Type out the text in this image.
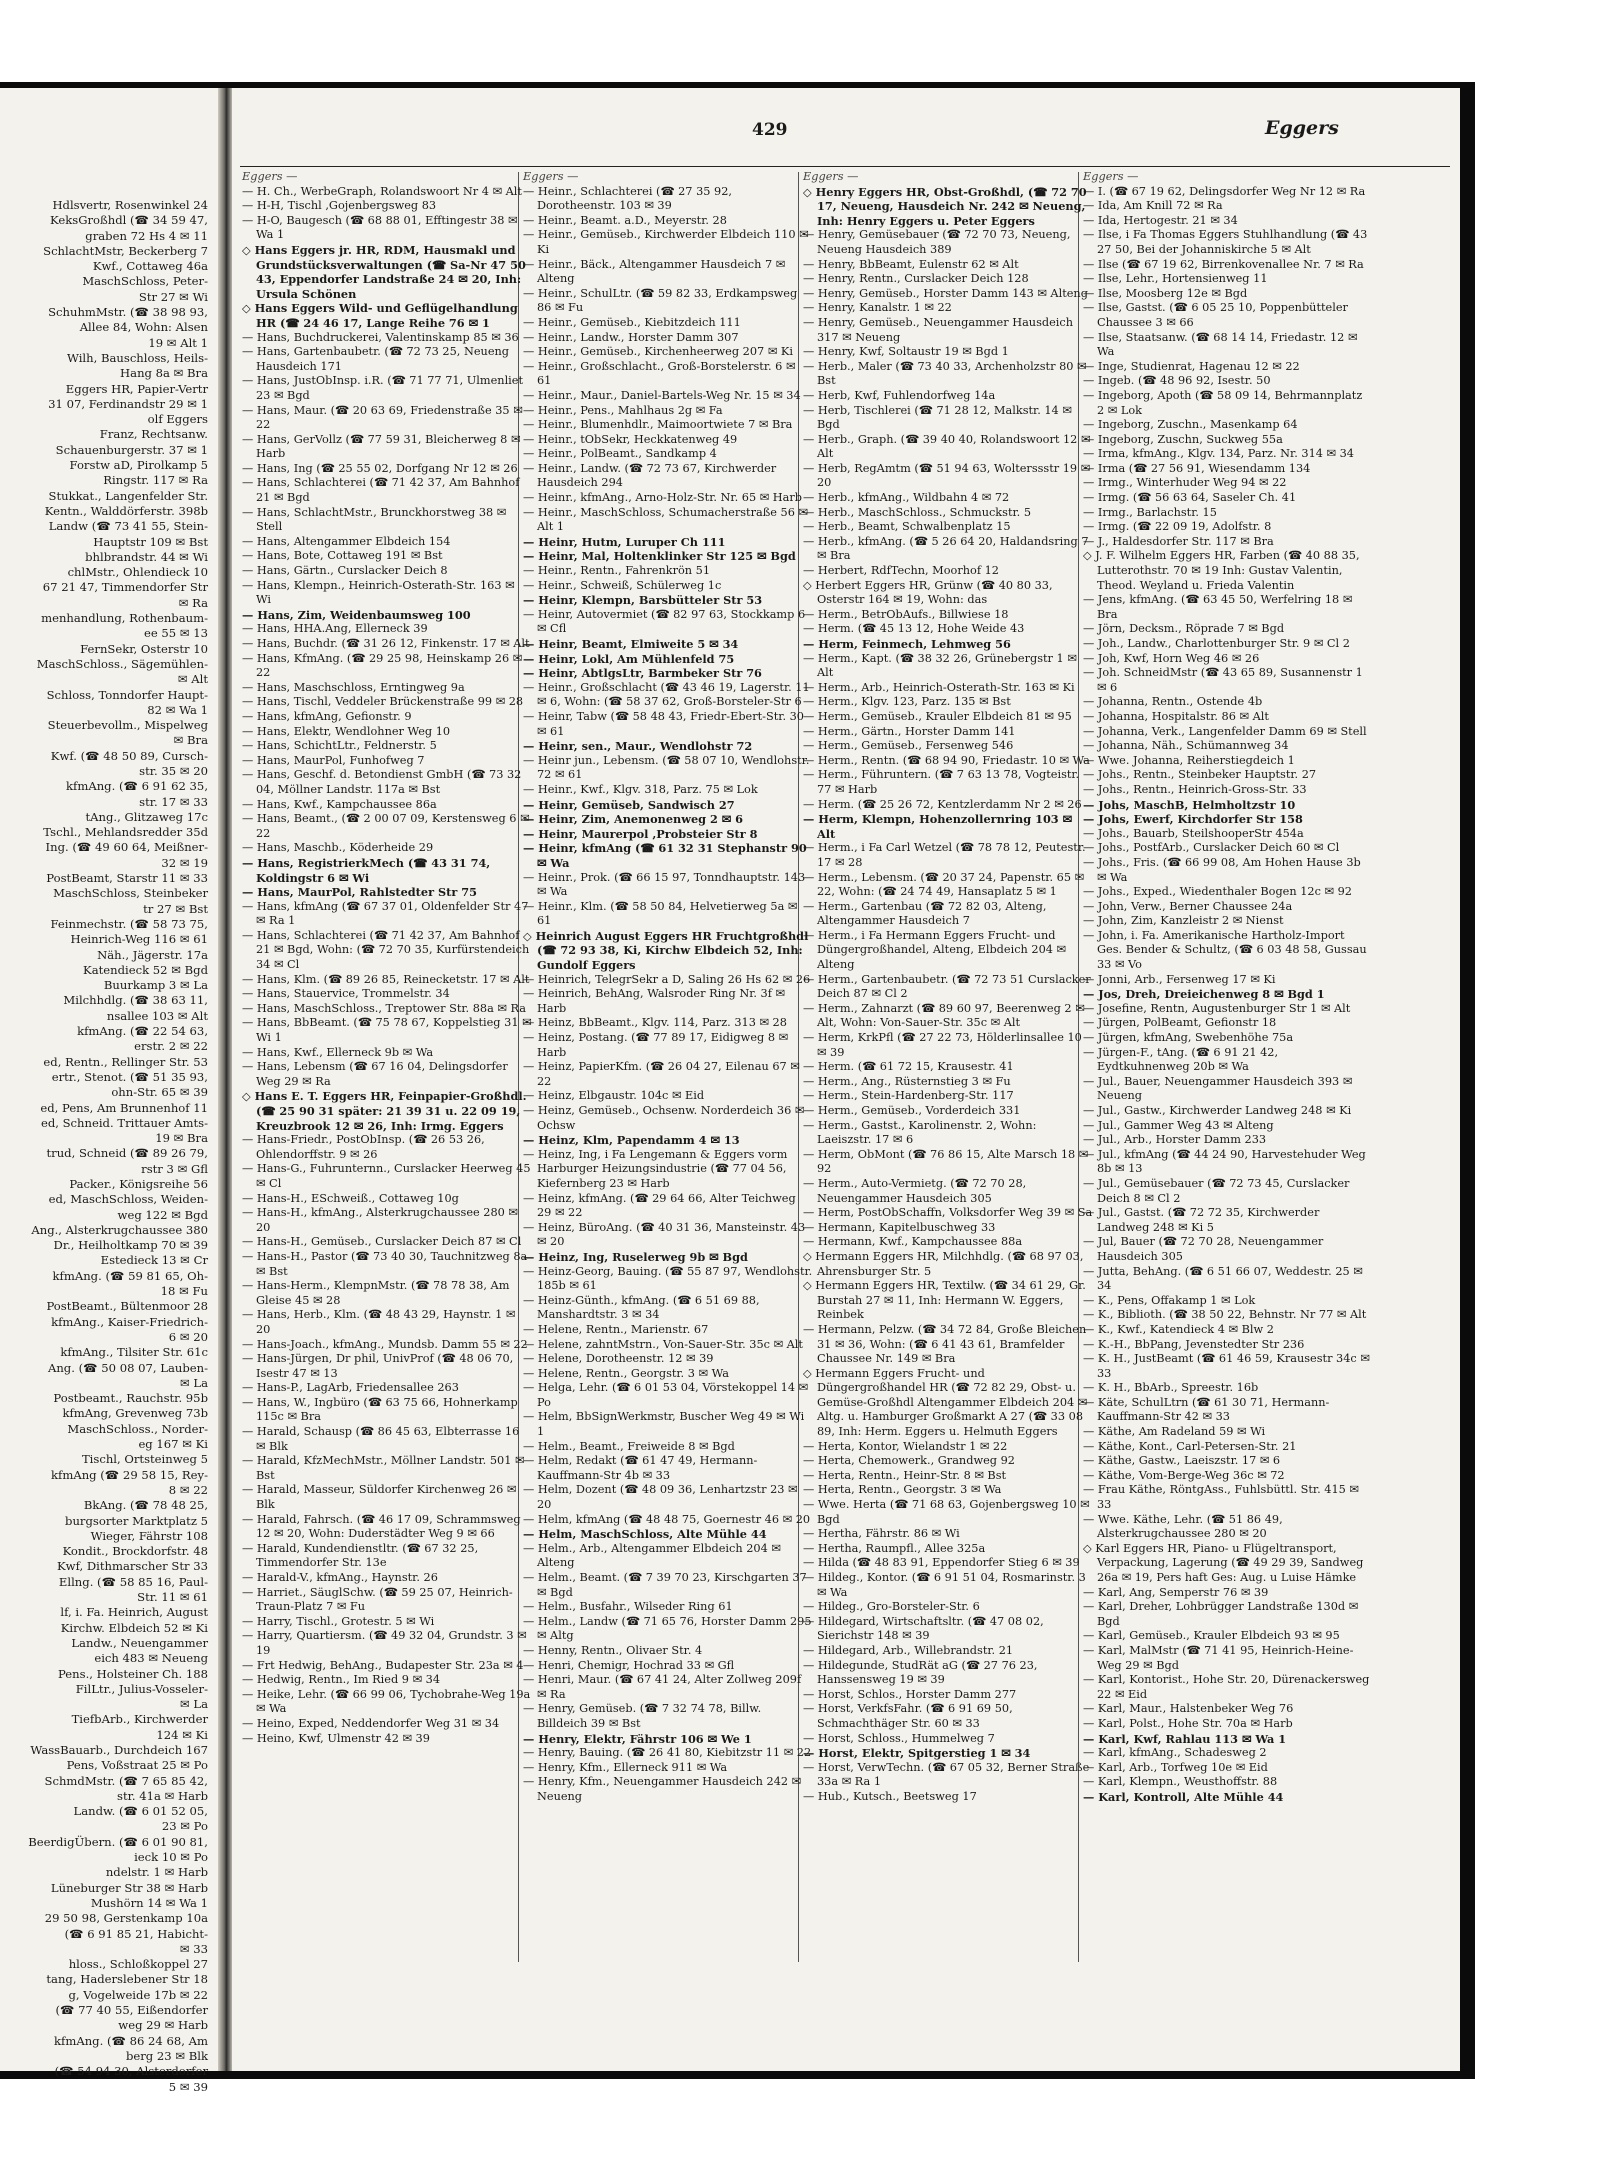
Hdlsvertr, Rosenwinkel 24
KeksGroßhdl (☎ 34 59 47,
graben 72 Hs 4 ✉ 11
SchlachtMstr, Beckerberg 7
Kwf., Cottaweg 46a
MaschSchloss, Peter-
Str 27 ✉ Wi
SchuhmMstr. (☎ 38 98 93,
Allee 84, Wohn: Alsen
19 ✉ Alt 1
Wilh, Bauschloss, Heils-
Hang 8a ✉ Bra
Eggers HR, Papier-Vertr
31 07, Ferdinandstr 29 ✉ 1
olf Eggers
Franz, Rechtsanw.
Schauenburgerstr. 37 ✉ 1
Forstw aD, Pirolkamp 5
Ringstr. 117 ✉ Ra
Stukkat., Langenfelder Str.
Kentn., Walddörferstr. 398b
Landw (☎ 73 41 55, Stein-
Hauptstr 109 ✉ Bst
bhlbrandstr. 44 ✉ Wi
chlMstr., Ohlendieck 10
67 21 47, Timmendorfer Str
✉ Ra
menhandlung, Rothenbaum-
ee 55 ✉ 13
FernSekr, Osterstr 10
MaschSchloss., Sägemühlen-
✉ Alt
Schloss, Tonndorfer Haupt-
82 ✉ Wa 1
Steuerbevollm., Mispelweg
✉ Bra
Kwf. (☎ 48 50 89, Cursch-
str. 35 ✉ 20
kfmAng. (☎ 6 91 62 35,
str. 17 ✉ 33
tAng., Glitzaweg 17c
Tschl., Mehlandsredder 35d
Ing. (☎ 49 60 64, Meißner-
32 ✉ 19
PostBeamt, Starstr 11 ✉ 33
MaschSchloss, Steinbeker
tr 27 ✉ Bst
Feinmechstr. (☎ 58 73 75,
Heinrich-Weg 116 ✉ 61
Näh., Jägerstr. 17a
Katendieck 52 ✉ Bgd
Buurkamp 3 ✉ La
Milchhdlg. (☎ 38 63 11,
nsallee 103 ✉ Alt
kfmAng. (☎ 22 54 63,
erstr. 2 ✉ 22
ed, Rentn., Rellinger Str. 53
ertr., Stenot. (☎ 51 35 93,
ohn-Str. 65 ✉ 39
ed, Pens, Am Brunnenhof 11
ed, Schneid. Trittauer Amts-
19 ✉ Bra
trud, Schneid (☎ 89 26 79,
rstr 3 ✉ Gfl
Packer., Königsreihe 56
ed, MaschSchloss, Weiden-
weg 122 ✉ Bgd
Ang., Alsterkrugchaussee 380
Dr., Heilholtkamp 70 ✉ 39
Estedieck 13 ✉ Cr
kfmAng. (☎ 59 81 65, Oh-
18 ✉ Fu
PostBeamt., Bültenmoor 28
kfmAng., Kaiser-Friedrich-
6 ✉ 20
kfmAng., Tilsiter Str. 61c
Ang. (☎ 50 08 07, Lauben-
✉ La
Postbeamt., Rauchstr. 95b
kfmAng, Grevenweg 73b
MaschSchloss., Norder-
eg 167 ✉ Ki
Tischl, Ortsteinweg 5
kfmAng (☎ 29 58 15, Rey-
8 ✉ 22
BkAng. (☎ 78 48 25,
burgsorter Marktplatz 5
Wieger, Fährstr 108
Kondit., Brockdorfstr. 48
Kwf, Dithmarscher Str 33
Ellng. (☎ 58 85 16, Paul-
Str. 11 ✉ 61
lf, i. Fa. Heinrich, August
Kirchw. Elbdeich 52 ✉ Ki
Landw., Neuengammer
eich 483 ✉ Neueng
Pens., Holsteiner Ch. 188
FilLtr., Julius-Vosseler-
✉ La
TiefbArb., Kirchwerder
124 ✉ Ki
WassBauarb., Durchdeich 167
Pens, Voßstraat 25 ✉ Po
SchmdMstr. (☎ 7 65 85 42,
str. 41a ✉ Harb
Landw. (☎ 6 01 52 05,
23 ✉ Po
BeerdigÜbern. (☎ 6 01 90 81,
ieck 10 ✉ Po
ndelstr. 1 ✉ Harb
Lüneburger Str 38 ✉ Harb
Mushörn 14 ✉ Wa 1
29 50 98, Gerstenkamp 10a
(☎ 6 91 85 21, Habicht-
✉ 33
hloss., Schloßkoppel 27
tang, Haderslebener Str 18
g, Vogelweide 17b ✉ 22
(☎ 77 40 55, Eißendorfer
weg 29 ✉ Harb
kfmAng. (☎ 86 24 68, Am
berg 23 ✉ Blk
(☎ 54 94 30, Alsterdorfer
5 ✉ 39
429	Eggers
Eggers —
— H. Ch., WerbeGraph, Rolandswoort Nr 4 ✉ Alt
— H-H, Tischl ,Gojenbergsweg 83
— H-O, Baugesch (☎ 68 88 01, Efftingestr 38 ✉ Wa 1
◇ Hans Eggers jr. HR, RDM, Hausmakl und Grundstücksverwaltungen (☎ Sa-Nr 47 50 43, Eppendorfer Landstraße 24 ✉ 20, Inh: Ursula Schönen
◇ Hans Eggers Wild- und Geflügelhandlung HR (☎ 24 46 17, Lange Reihe 76 ✉ 1
— Hans, Buchdruckerei, Valentinskamp 85 ✉ 36
— Hans, Gartenbaubetr. (☎ 72 73 25, Neueng Hausdeich 171
— Hans, JustObInsp. i.R. (☎ 71 77 71, Ulmenliet 23 ✉ Bgd
— Hans, Maur. (☎ 20 63 69, Friedenstraße 35 ✉ 22
— Hans, GerVollz (☎ 77 59 31, Bleicherweg 8 ✉ Harb
— Hans, Ing (☎ 25 55 02, Dorfgang Nr 12 ✉ 26
— Hans, Schlachterei (☎ 71 42 37, Am Bahnhof 21 ✉ Bgd
— Hans, SchlachtMstr., Brunckhorstweg 38 ✉ Stell
— Hans, Altengammer Elbdeich 154
— Hans, Bote, Cottaweg 191 ✉ Bst
— Hans, Gärtn., Curslacker Deich 8
— Hans, Klempn., Heinrich-Osterath-Str. 163 ✉ Wi
— Hans, Zim, Weidenbaumsweg 100
— Hans, HHA.Ang, Ellerneck 39
— Hans, Buchdr. (☎ 31 26 12, Finkenstr. 17 ✉ Alt
— Hans, KfmAng. (☎ 29 25 98, Heinskamp 26 ✉ 22
— Hans, Maschschloss, Erntingweg 9a
— Hans, Tischl, Veddeler Brückenstraße 99 ✉ 28
— Hans, kfmAng, Gefionstr. 9
— Hans, Elektr, Wendlohner Weg 10
— Hans, SchichtLtr., Feldnerstr. 5
— Hans, MaurPol, Funhofweg 7
— Hans, Geschf. d. Betondienst GmbH (☎ 73 32 04, Möllner Landstr. 117a ✉ Bst
— Hans, Kwf., Kampchaussee 86a
— Hans, Beamt., (☎ 2 00 07 09, Kerstensweg 6 ✉ 22
— Hans, Maschb., Köderheide 29
— Hans, RegistrierkMech (☎ 43 31 74, Koldingstr 6 ✉ Wi
— Hans, MaurPol, Rahlstedter Str 75
— Hans, kfmAng (☎ 67 37 01, Oldenfelder Str 47 ✉ Ra 1
— Hans, Schlachterei (☎ 71 42 37, Am Bahnhof 21 ✉ Bgd, Wohn: (☎ 72 70 35, Kurfürstendeich 34 ✉ Cl
— Hans, Klm. (☎ 89 26 85, Reinecketstr. 17 ✉ Alt
— Hans, Stauervice, Trommelstr. 34
— Hans, MaschSchloss., Treptower Str. 88a ✉ Ra
— Hans, BbBeamt. (☎ 75 78 67, Koppelstieg 31 ✉ Wi 1
— Hans, Kwf., Ellerneck 9b ✉ Wa
— Hans, Lebensm (☎ 67 16 04, Delingsdorfer Weg 29 ✉ Ra
◇ Hans E. T. Eggers HR, Feinpapier-Großhdl. (☎ 25 90 31 später: 21 39 31 u. 22 09 19, Kreuzbrook 12 ✉ 26, Inh: Irmg. Eggers
— Hans-Friedr., PostObInsp. (☎ 26 53 26, Ohlendorffstr. 9 ✉ 26
— Hans-G., Fuhrunternn., Curslacker Heerweg 45 ✉ Cl
— Hans-H., ESchweiß., Cottaweg 10g
— Hans-H., kfmAng., Alsterkrugchaussee 280 ✉ 20
— Hans-H., Gemüseb., Curslacker Deich 87 ✉ Cl
— Hans-H., Pastor (☎ 73 40 30, Tauchnitzweg 8a ✉ Bst
— Hans-Herm., KlempnMstr. (☎ 78 78 38, Am Gleise 45 ✉ 28
— Hans, Herb., Klm. (☎ 48 43 29, Haynstr. 1 ✉ 20
— Hans-Joach., kfmAng., Mundsb. Damm 55 ✉ 22
— Hans-Jürgen, Dr phil, UnivProf (☎ 48 06 70, Isestr 47 ✉ 13
— Hans-P., LagArb, Friedensallee 263
— Hans, W., Ingbüro (☎ 63 75 66, Hohnerkamp 115c ✉ Bra
— Harald, Schausp (☎ 86 45 63, Elbterrasse 16 ✉ Blk
— Harald, KfzMechMstr., Möllner Landstr. 501 ✉ Bst
— Harald, Masseur, Süldorfer Kirchenweg 26 ✉ Blk
— Harald, Fahrsch. (☎ 46 17 09, Schrammsweg 12 ✉ 20, Wohn: Duderstädter Weg 9 ✉ 66
— Harald, Kundendienstltr. (☎ 67 32 25, Timmendorfer Str. 13e
— Harald-V., kfmAng., Haynstr. 26
— Harriet., SäuglSchw. (☎ 59 25 07, Heinrich-Traun-Platz 7 ✉ Fu
— Harry, Tischl., Grotestr. 5 ✉ Wi
— Harry, Quartiersm. (☎ 49 32 04, Grundstr. 3 ✉ 19
— Frt Hedwig, BehAng., Budapester Str. 23a ✉ 4
— Hedwig, Rentn., Im Ried 9 ✉ 34
— Heike, Lehr. (☎ 66 99 06, Tychobrahe-Weg 19a ✉ Wa
— Heino, Exped, Neddendorfer Weg 31 ✉ 34
— Heino, Kwf, Ulmenstr 42 ✉ 39
Eggers —
— Heinr., Schlachterei (☎ 27 35 92, Dorotheenstr. 103 ✉ 39
— Heinr., Beamt. a.D., Meyerstr. 28
— Heinr., Gemüseb., Kirchwerder Elbdeich 110 ✉ Ki
— Heinr., Bäck., Altengammer Hausdeich 7 ✉ Alteng
— Heinr., SchulLtr. (☎ 59 82 33, Erdkampsweg 86 ✉ Fu
— Heinr., Gemüseb., Kiebitzdeich 111
— Heinr., Landw., Horster Damm 307
— Heinr., Gemüseb., Kirchenheerweg 207 ✉ Ki
— Heinr., Großschlacht., Groß-Borstelerstr. 6 ✉ 61
— Heinr., Maur., Daniel-Bartels-Weg Nr. 15 ✉ 34
— Heinr., Pens., Mahlhaus 2g ✉ Fa
— Heinr., Blumenhdlr., Maimoortwiete 7 ✉ Bra
— Heinr., tObSekr, Heckkatenweg 49
— Heinr., PolBeamt., Sandkamp 4
— Heinr., Landw. (☎ 72 73 67, Kirchwerder Hausdeich 294
— Heinr., kfmAng., Arno-Holz-Str. Nr. 65 ✉ Harb
— Heinr., MaschSchloss, Schumacherstraße 56 ✉ Alt 1
— Heinr, Hutm, Luruper Ch 111
— Heinr, Mal, Holtenklinker Str 125 ✉ Bgd
— Heinr., Rentn., Fahrenkrön 51
— Heinr., Schweiß, Schülerweg 1c
— Heinr, Klempn, Barsbütteler Str 53
— Heinr, Autovermiet (☎ 82 97 63, Stockkamp 6 ✉ Cfl
— Heinr, Beamt, Elmiweite 5 ✉ 34
— Heinr, Lokl, Am Mühlenfeld 75
— Heinr, AbtlgsLtr, Barmbeker Str 76
— Heinr., Großschlacht (☎ 43 46 19, Lagerstr. 11 ✉ 6, Wohn: (☎ 58 37 62, Groß-Borsteler-Str 6
— Heinr, Tabw (☎ 58 48 43, Friedr-Ebert-Str. 30 ✉ 61
— Heinr, sen., Maur., Wendlohstr 72
— Heinr jun., Lebensm. (☎ 58 07 10, Wendlohstr. 72 ✉ 61
— Heinr., Kwf., Klgv. 318, Parz. 75 ✉ Lok
— Heinr, Gemüseb, Sandwisch 27
— Heinr, Zim, Anemonenweg 2 ✉ 6
— Heinr, Maurerpol ,Probsteier Str 8
— Heinr, kfmAng (☎ 61 32 31 Stephanstr 90 ✉ Wa
— Heinr., Prok. (☎ 66 15 97, Tonndhauptstr. 143 ✉ Wa
— Heinr., Klm. (☎ 58 50 84, Helvetierweg 5a ✉ 61
◇ Heinrich August Eggers HR Fruchtgroßhdl (☎ 72 93 38, Ki, Kirchw Elbdeich 52, Inh: Gundolf Eggers
— Heinrich, TelegrSekr a D, Saling 26 Hs 62 ✉ 26
— Heinrich, BehAng, Walsroder Ring Nr. 3f ✉ Harb
— Heinz, BbBeamt., Klgv. 114, Parz. 313 ✉ 28
— Heinz, Postang. (☎ 77 89 17, Eidigweg 8 ✉ Harb
— Heinz, PapierKfm. (☎ 26 04 27, Eilenau 67 ✉ 22
— Heinz, Elbgaustr. 104c ✉ Eid
— Heinz, Gemüseb., Ochsenw. Norderdeich 36 ✉ Ochsw
— Heinz, Klm, Papendamm 4 ✉ 13
— Heinz, Ing, i Fa Lengemann & Eggers vorm Harburger Heizungsindustrie (☎ 77 04 56, Kiefernberg 23 ✉ Harb
— Heinz, kfmAng. (☎ 29 64 66, Alter Teichweg 29 ✉ 22
— Heinz, BüroAng. (☎ 40 31 36, Mansteinstr. 43 ✉ 20
— Heinz, Ing, Ruselerweg 9b ✉ Bgd
— Heinz-Georg, Bauing. (☎ 55 87 97, Wendlohstr. 185b ✉ 61
— Heinz-Günth., kfmAng. (☎ 6 51 69 88, Manshardtstr. 3 ✉ 34
— Helene, Rentn., Marienstr. 67
— Helene, zahntMstrn., Von-Sauer-Str. 35c ✉ Alt
— Helene, Dorotheenstr. 12 ✉ 39
— Helene, Rentn., Georgstr. 3 ✉ Wa
— Helga, Lehr. (☎ 6 01 53 04, Vörstekoppel 14 ✉ Po
— Helm, BbSignWerkmstr, Buscher Weg 49 ✉ Wi 1
— Helm., Beamt., Freiweide 8 ✉ Bgd
— Helm, Redakt (☎ 61 47 49, Hermann-Kauffmann-Str 4b ✉ 33
— Helm, Dozent (☎ 48 09 36, Lenhartzstr 23 ✉ 20
— Helm, kfmAng (☎ 48 48 75, Goernestr 46 ✉ 20
— Helm, MaschSchloss, Alte Mühle 44
— Helm., Arb., Altengammer Elbdeich 204 ✉ Alteng
— Helm., Beamt. (☎ 7 39 70 23, Kirschgarten 37 ✉ Bgd
— Helm., Busfahr., Wilseder Ring 61
— Helm., Landw (☎ 71 65 76, Horster Damm 295 ✉ Altg
— Henny, Rentn., Olivaer Str. 4
— Henri, Chemigr, Hochrad 33 ✉ Gfl
— Henri, Maur. (☎ 67 41 24, Alter Zollweg 209f ✉ Ra
— Henry, Gemüseb. (☎ 7 32 74 78, Billw. Billdeich 39 ✉ Bst
— Henry, Elektr, Fährstr 106 ✉ We 1
— Henry, Bauing. (☎ 26 41 80, Kiebitzstr 11 ✉ 22
— Henry, Kfm., Ellerneck 911 ✉ Wa
— Henry, Kfm., Neuengammer Hausdeich 242 ✉ Neueng
Eggers —
◇ Henry Eggers HR, Obst-Großhdl, (☎ 72 70 17, Neueng, Hausdeich Nr. 242 ✉ Neueng, Inh: Henry Eggers u. Peter Eggers
— Henry, Gemüsebauer (☎ 72 70 73, Neueng, Neueng Hausdeich 389
— Henry, BbBeamt, Eulenstr 62 ✉ Alt
— Henry, Rentn., Curslacker Deich 128
— Henry, Gemüseb., Horster Damm 143 ✉ Alteng
— Henry, Kanalstr. 1 ✉ 22
— Henry, Gemüseb., Neuengammer Hausdeich 317 ✉ Neueng
— Henry, Kwf, Soltaustr 19 ✉ Bgd 1
— Herb., Maler (☎ 73 40 33, Archenholzstr 80 ✉ Bst
— Herb, Kwf, Fuhlendorfweg 14a
— Herb, Tischlerei (☎ 71 28 12, Malkstr. 14 ✉ Bgd
— Herb., Graph. (☎ 39 40 40, Rolandswoort 12 ✉ Alt
— Herb, RegAmtm (☎ 51 94 63, Wolterssstr 19 ✉ 20
— Herb., kfmAng., Wildbahn 4 ✉ 72
— Herb., MaschSchloss., Schmuckstr. 5
— Herb., Beamt, Schwalbenplatz 15
— Herb., kfmAng. (☎ 5 26 64 20, Haldandsring 7 ✉ Bra
— Herbert, RdfTechn, Moorhof 12
◇ Herbert Eggers HR, Grünw (☎ 40 80 33, Osterstr 164 ✉ 19, Wohn: das
— Herm., BetrObAufs., Billwiese 18
— Herm. (☎ 45 13 12, Hohe Weide 43
— Herm, Feinmech, Lehmweg 56
— Herm., Kapt. (☎ 38 32 26, Grünebergstr 1 ✉ Alt
— Herm., Arb., Heinrich-Osterath-Str. 163 ✉ Ki
— Herm., Klgv. 123, Parz. 135 ✉ Bst
— Herm., Gemüseb., Krauler Elbdeich 81 ✉ 95
— Herm., Gärtn., Horster Damm 141
— Herm., Gemüseb., Fersenweg 546
— Herm., Rentn. (☎ 68 94 90, Friedastr. 10 ✉ Wa
— Herm., Führuntern. (☎ 7 63 13 78, Vogteistr. 77 ✉ Harb
— Herm. (☎ 25 26 72, Kentzlerdamm Nr 2 ✉ 26
— Herm, Klempn, Hohenzollernring 103 ✉ Alt
— Herm., i Fa Carl Wetzel (☎ 78 78 12, Peutestr. 17 ✉ 28
— Herm., Lebensm. (☎ 20 37 24, Papenstr. 65 ✉ 22, Wohn: (☎ 24 74 49, Hansaplatz 5 ✉ 1
— Herm., Gartenbau (☎ 72 82 03, Alteng, Altengammer Hausdeich 7
— Herm., i Fa Hermann Eggers Frucht- und Düngergroßhandel, Alteng, Elbdeich 204 ✉ Alteng
— Herm., Gartenbaubetr. (☎ 72 73 51 Curslacker Deich 87 ✉ Cl 2
— Herm., Zahnarzt (☎ 89 60 97, Beerenweg 2 ✉ Alt, Wohn: Von-Sauer-Str. 35c ✉ Alt
— Herm, KrkPfl (☎ 27 22 73, Hölderlinsallee 10 ✉ 39
— Herm. (☎ 61 72 15, Krausestr. 41
— Herm., Ang., Rüsternstieg 3 ✉ Fu
— Herm., Stein-Hardenberg-Str. 117
— Herm., Gemüseb., Vorderdeich 331
— Herm., Gastst., Karolinenstr. 2, Wohn: Laeiszstr. 17 ✉ 6
— Herm, ObMont (☎ 76 86 15, Alte Marsch 18 ✉ 92
— Herm., Auto-Vermietg. (☎ 72 70 28, Neuengammer Hausdeich 305
— Herm, PostObSchaffn, Volksdorfer Weg 39 ✉ Sa
— Hermann, Kapitelbuschweg 33
— Hermann, Kwf., Kampchaussee 88a
◇ Hermann Eggers HR, Milchhdlg. (☎ 68 97 03, Ahrensburger Str. 5
◇ Hermann Eggers HR, Textilw. (☎ 34 61 29, Gr. Burstah 27 ✉ 11, Inh: Hermann W. Eggers, Reinbek
— Hermann, Pelzw. (☎ 34 72 84, Große Bleichen 31 ✉ 36, Wohn: (☎ 6 41 43 61, Bramfelder Chaussee Nr. 149 ✉ Bra
◇ Hermann Eggers Frucht- und Düngergroßhandel HR (☎ 72 82 29, Obst- u. Gemüse-Großhdl Altengammer Elbdeich 204 ✉ Altg. u. Hamburger Großmarkt A 27 (☎ 33 08 89, Inh: Herm. Eggers u. Helmuth Eggers
— Herta, Kontor, Wielandstr 1 ✉ 22
— Herta, Chemowerk., Grandweg 92
— Herta, Rentn., Heinr-Str. 8 ✉ Bst
— Herta, Rentn., Georgstr. 3 ✉ Wa
— Wwe. Herta (☎ 71 68 63, Gojenbergsweg 10 ✉ Bgd
— Hertha, Fährstr. 86 ✉ Wi
— Hertha, Raumpfl., Allee 325a
— Hilda (☎ 48 83 91, Eppendorfer Stieg 6 ✉ 39
— Hildeg., Kontor. (☎ 6 91 51 04, Rosmarinstr. 3 ✉ Wa
— Hildeg., Gro-Borsteler-Str. 6
— Hildegard, Wirtschaftsltr. (☎ 47 08 02, Sierichstr 148 ✉ 39
— Hildegard, Arb., Willebrandstr. 21
— Hildegunde, StudRät aG (☎ 27 76 23, Hanssensweg 19 ✉ 39
— Horst, Schlos., Horster Damm 277
— Horst, VerkfsFahr. (☎ 6 91 69 50, Schmachthäger Str. 60 ✉ 33
— Horst, Schloss., Hummelweg 7
— Horst, Elektr, Spitgerstieg 1 ✉ 34
— Horst, VerwTechn. (☎ 67 05 32, Berner Straße 33a ✉ Ra 1
— Hub., Kutsch., Beetsweg 17
Eggers —
— I. (☎ 67 19 62, Delingsdorfer Weg Nr 12 ✉ Ra
— Ida, Am Knill 72 ✉ Ra
— Ida, Hertogestr. 21 ✉ 34
— Ilse, i Fa Thomas Eggers Stuhlhandlung (☎ 43 27 50, Bei der Johanniskirche 5 ✉ Alt
— Ilse (☎ 67 19 62, Birrenkovenallee Nr. 7 ✉ Ra
— Ilse, Lehr., Hortensienweg 11
— Ilse, Moosberg 12e ✉ Bgd
— Ilse, Gastst. (☎ 6 05 25 10, Poppenbütteler Chaussee 3 ✉ 66
— Ilse, Staatsanw. (☎ 68 14 14, Friedastr. 12 ✉ Wa
— Inge, Studienrat, Hagenau 12 ✉ 22
— Ingeb. (☎ 48 96 92, Isestr. 50
— Ingeborg, Apoth (☎ 58 09 14, Behrmannplatz 2 ✉ Lok
— Ingeborg, Zuschn., Masenkamp 64
— Ingeborg, Zuschn, Suckweg 55a
— Irma, kfmAng., Klgv. 134, Parz. Nr. 314 ✉ 34
— Irma (☎ 27 56 91, Wiesendamm 134
— Irmg., Winterhuder Weg 94 ✉ 22
— Irmg. (☎ 56 63 64, Saseler Ch. 41
— Irmg., Barlachstr. 15
— Irmg. (☎ 22 09 19, Adolfstr. 8
— J., Haldesdorfer Str. 117 ✉ Bra
◇ J. F. Wilhelm Eggers HR, Farben (☎ 40 88 35, Lutterothstr. 70 ✉ 19 Inh: Gustav Valentin, Theod. Weyland u. Frieda Valentin
— Jens, kfmAng. (☎ 63 45 50, Werfelring 18 ✉ Bra
— Jörn, Decksm., Röprade 7 ✉ Bgd
— Joh., Landw., Charlottenburger Str. 9 ✉ Cl 2
— Joh, Kwf, Horn Weg 46 ✉ 26
— Joh. SchneidMstr (☎ 43 65 89, Susannenstr 1 ✉ 6
— Johanna, Rentn., Ostende 4b
— Johanna, Hospitalstr. 86 ✉ Alt
— Johanna, Verk., Langenfelder Damm 69 ✉ Stell
— Johanna, Näh., Schümannweg 34
— Wwe. Johanna, Reiherstiegdeich 1
— Johs., Rentn., Steinbeker Hauptstr. 27
— Johs., Rentn., Heinrich-Gross-Str. 33
— Johs, MaschB, Helmholtzstr 10
— Johs, Ewerf, Kirchdorfer Str 158
— Johs., Bauarb, SteilshooperStr 454a
— Johs., PostfArb., Curslacker Deich 60 ✉ Cl
— Johs., Fris. (☎ 66 99 08, Am Hohen Hause 3b ✉ Wa
— Johs., Exped., Wiedenthaler Bogen 12c ✉ 92
— John, Verw., Berner Chaussee 24a
— John, Zim, Kanzleistr 2 ✉ Nienst
— John, i. Fa. Amerikanische Hartholz-Import Ges. Bender & Schultz, (☎ 6 03 48 58, Gussau 33 ✉ Vo
— Jonni, Arb., Fersenweg 17 ✉ Ki
— Jos, Dreh, Dreieichenweg 8 ✉ Bgd 1
— Josefine, Rentn, Augustenburger Str 1 ✉ Alt
— Jürgen, PolBeamt, Gefionstr 18
— Jürgen, kfmAng, Swebenhöhe 75a
— Jürgen-F., tAng. (☎ 6 91 21 42, Eydtkuhnenweg 20b ✉ Wa
— Jul., Bauer, Neuengammer Hausdeich 393 ✉ Neueng
— Jul., Gastw., Kirchwerder Landweg 248 ✉ Ki
— Jul., Gammer Weg 43 ✉ Alteng
— Jul., Arb., Horster Damm 233
— Jul., kfmAng (☎ 44 24 90, Harvestehuder Weg 8b ✉ 13
— Jul., Gemüsebauer (☎ 72 73 45, Curslacker Deich 8 ✉ Cl 2
— Jul., Gastst. (☎ 72 72 35, Kirchwerder Landweg 248 ✉ Ki 5
— Jul, Bauer (☎ 72 70 28, Neuengammer Hausdeich 305
— Jutta, BehAng. (☎ 6 51 66 07, Weddestr. 25 ✉ 34
— K., Pens, Offakamp 1 ✉ Lok
— K., Biblioth. (☎ 38 50 22, Behnstr. Nr 77 ✉ Alt
— K., Kwf., Katendieck 4 ✉ Blw 2
— K.-H., BbPang, Jevenstedter Str 236
— K. H., JustBeamt (☎ 61 46 59, Krausestr 34c ✉ 33
— K. H., BbArb., Spreestr. 16b
— Käte, SchulLtrn (☎ 61 30 71, Hermann-Kauffmann-Str 42 ✉ 33
— Käthe, Am Radeland 59 ✉ Wi
— Käthe, Kont., Carl-Petersen-Str. 21
— Käthe, Gastw., Laeiszstr. 17 ✉ 6
— Käthe, Vom-Berge-Weg 36c ✉ 72
— Frau Käthe, RöntgAss., Fuhlsbüttl. Str. 415 ✉ 33
— Wwe. Käthe, Lehr. (☎ 51 86 49, Alsterkrugchaussee 280 ✉ 20
◇ Karl Eggers HR, Piano- u Flügeltransport, Verpackung, Lagerung (☎ 49 29 39, Sandweg 26a ✉ 19, Pers haft Ges: Aug. u Luise Hämke
— Karl, Ang, Semperstr 76 ✉ 39
— Karl, Dreher, Lohbrügger Landstraße 130d ✉ Bgd
— Karl, Gemüseb., Krauler Elbdeich 93 ✉ 95
— Karl, MalMstr (☎ 71 41 95, Heinrich-Heine-Weg 29 ✉ Bgd
— Karl, Kontorist., Hohe Str. 20, Dürenackersweg 22 ✉ Eid
— Karl, Maur., Halstenbeker Weg 76
— Karl, Polst., Hohe Str. 70a ✉ Harb
— Karl, Kwf, Rahlau 113 ✉ Wa 1
— Karl, kfmAng., Schadesweg 2
— Karl, Arb., Torfweg 10e ✉ Eid
— Karl, Klempn., Weusthoffstr. 88
— Karl, Kontroll, Alte Mühle 44
